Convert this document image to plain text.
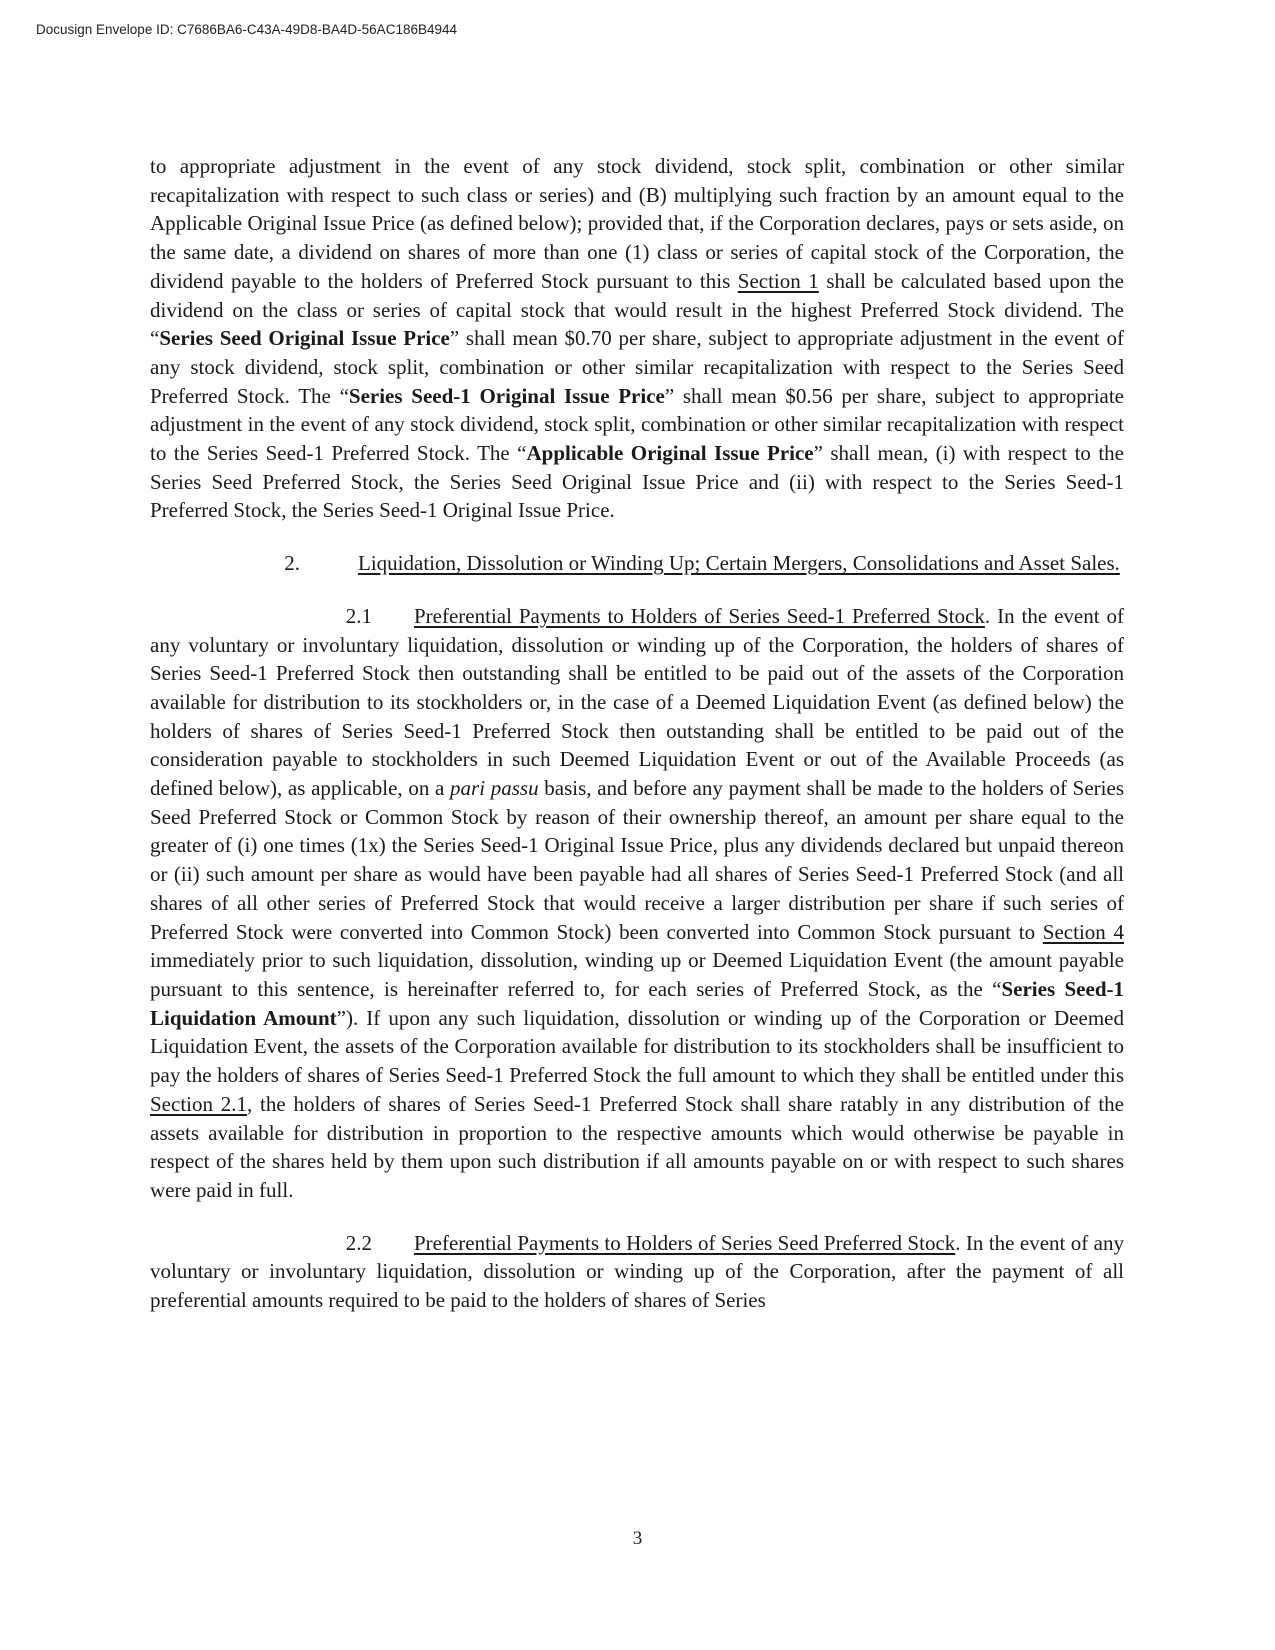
Docusign Envelope ID: C7686BA6-C43A-49D8-BA4D-56AC186B4944

to appropriate adjustment in the event of any stock dividend, stock split, combination or other similar recapitalization with respect to such class or series) and (B) multiplying such fraction by an amount equal to the Applicable Original Issue Price (as defined below); provided that, if the Corporation declares, pays or sets aside, on the same date, a dividend on shares of more than one (1) class or series of capital stock of the Corporation, the dividend payable to the holders of Preferred Stock pursuant to this Section 1 shall be calculated based upon the dividend on the class or series of capital stock that would result in the highest Preferred Stock dividend. The “Series Seed Original Issue Price” shall mean $0.70 per share, subject to appropriate adjustment in the event of any stock dividend, stock split, combination or other similar recapitalization with respect to the Series Seed Preferred Stock. The “Series Seed-1 Original Issue Price” shall mean $0.56 per share, subject to appropriate adjustment in the event of any stock dividend, stock split, combination or other similar recapitalization with respect to the Series Seed-1 Preferred Stock. The “Applicable Original Issue Price” shall mean, (i) with respect to the Series Seed Preferred Stock, the Series Seed Original Issue Price and (ii) with respect to the Series Seed-1 Preferred Stock, the Series Seed-1 Original Issue Price.

2.	Liquidation, Dissolution or Winding Up; Certain Mergers, Consolidations and Asset Sales.

2.1 Preferential Payments to Holders of Series Seed-1 Preferred Stock. In the event of any voluntary or involuntary liquidation, dissolution or winding up of the Corporation, the holders of shares of Series Seed-1 Preferred Stock then outstanding shall be entitled to be paid out of the assets of the Corporation available for distribution to its stockholders or, in the case of a Deemed Liquidation Event (as defined below) the holders of shares of Series Seed-1 Preferred Stock then outstanding shall be entitled to be paid out of the consideration payable to stockholders in such Deemed Liquidation Event or out of the Available Proceeds (as defined below), as applicable, on a pari passu basis, and before any payment shall be made to the holders of Series Seed Preferred Stock or Common Stock by reason of their ownership thereof, an amount per share equal to the greater of (i) one times (1x) the Series Seed-1 Original Issue Price, plus any dividends declared but unpaid thereon or (ii) such amount per share as would have been payable had all shares of Series Seed-1 Preferred Stock (and all shares of all other series of Preferred Stock that would receive a larger distribution per share if such series of Preferred Stock were converted into Common Stock) been converted into Common Stock pursuant to Section 4 immediately prior to such liquidation, dissolution, winding up or Deemed Liquidation Event (the amount payable pursuant to this sentence, is hereinafter referred to, for each series of Preferred Stock, as the “Series Seed-1 Liquidation Amount”). If upon any such liquidation, dissolution or winding up of the Corporation or Deemed Liquidation Event, the assets of the Corporation available for distribution to its stockholders shall be insufficient to pay the holders of shares of Series Seed-1 Preferred Stock the full amount to which they shall be entitled under this Section 2.1, the holders of shares of Series Seed-1 Preferred Stock shall share ratably in any distribution of the assets available for distribution in proportion to the respective amounts which would otherwise be payable in respect of the shares held by them upon such distribution if all amounts payable on or with respect to such shares were paid in full.

2.2 Preferential Payments to Holders of Series Seed Preferred Stock. In the event of any voluntary or involuntary liquidation, dissolution or winding up of the Corporation, after the payment of all preferential amounts required to be paid to the holders of shares of Series

3
